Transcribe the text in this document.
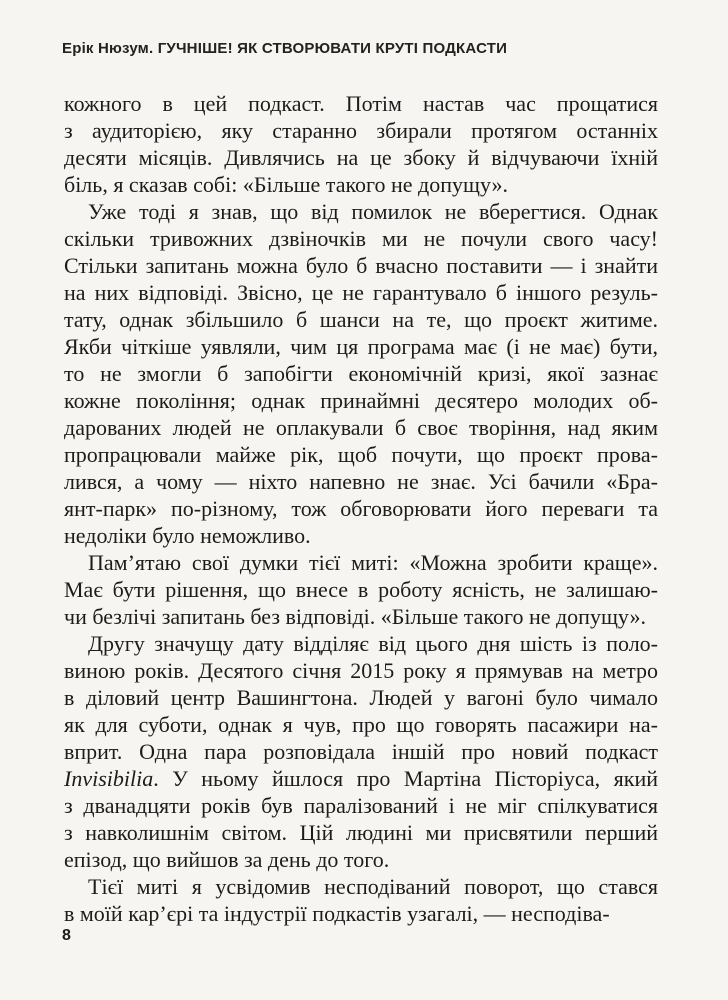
Ерік Нюзум. ГУЧНІШЕ! ЯК СТВОРЮВАТИ КРУТІ ПОДКАСТИ
кожного в цей подкаст. Потім настав час прощатися
з аудиторією, яку старанно збирали протягом останніх
десяти місяців. Дивлячись на це збоку й відчуваючи їхній
біль, я сказав собі: «Більше такого не допущу».
Уже тоді я знав, що від помилок не вберегтися. Однак
скільки тривожних дзвіночків ми не почули свого часу!
Стільки запитань можна було б вчасно поставити — і знайти
на них відповіді. Звісно, це не гарантувало б іншого резуль-
тату, однак збільшило б шанси на те, що проєкт житиме.
Якби чіткіше уявляли, чим ця програма має (і не має) бути,
то не змогли б запобігти економічній кризі, якої зазнає
кожне покоління; однак принаймні десятеро молодих об-
дарованих людей не оплакували б своє творіння, над яким
пропрацювали майже рік, щоб почути, що проєкт прова-
лився, а чому — ніхто напевно не знає. Усі бачили «Бра-
янт-парк» по-різному, тож обговорювати його переваги та
недоліки було неможливо.
Пам’ятаю свої думки тієї миті: «Можна зробити краще».
Має бути рішення, що внесе в роботу ясність, не залишаю-
чи безлічі запитань без відповіді. «Більше такого не допущу».
Другу значущу дату відділяє від цього дня шість із поло-
виною років. Десятого січня 2015 року я прямував на метро
в діловий центр Вашингтона. Людей у вагоні було чимало
як для суботи, однак я чув, про що говорять пасажири на-
вприт. Одна пара розповідала іншій про новий подкаст
Invisibilia. У ньому йшлося про Мартіна Пісторіуса, який
з дванадцяти років був паралізований і не міг спілкуватися
з навколишнім світом. Цій людині ми присвятили перший
епізод, що вийшов за день до того.
Тієї миті я усвідомив несподіваний поворот, що стався
в моїй кар’єрі та індустрії подкастів узагалі, — несподіва-
8
